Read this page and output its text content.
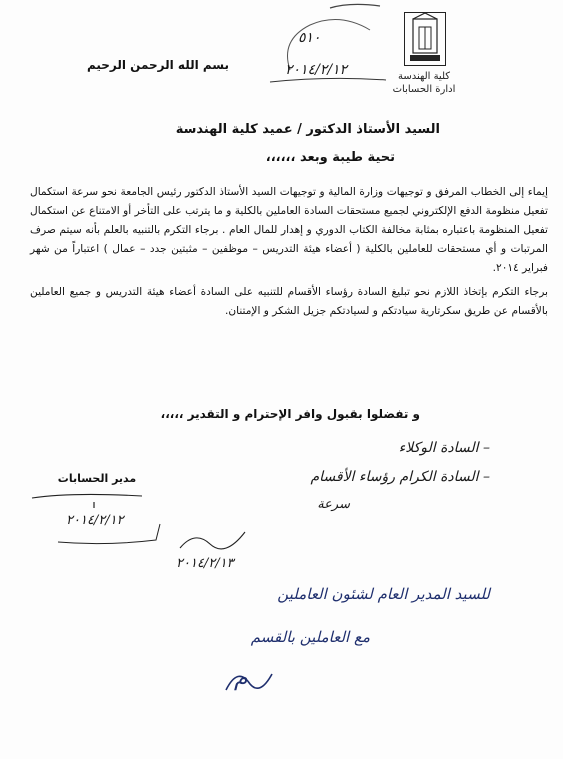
كلية الهندسة
ادارة الحسابات
بسم الله الرحمن الرحيم
٥١٠
٢٠١٤/٢/١٢
السيد الأستاذ الدكتور / عميد كلية الهندسة
تحية طيبة وبعد ،،،،،،

إيماء إلى الخطاب المرفق و توجيهات وزارة المالية و توجيهات السيد الأستاذ الدكتور رئيس الجامعة نحو سرعة استكمال تفعيل منظومة الدفع الإلكتروني لجميع مستحقات السادة العاملين بالكلية و ما يترتب على التأخر أو الامتناع عن استكمال تفعيل المنظومة باعتباره بمثابة مخالفة الكتاب الدوري و إهدار للمال العام . برجاء التكرم بالتنبيه بالعلم بأنه سيتم صرف المرتبات و أي مستحقات للعاملين بالكلية ( أعضاء هيئة التدريس – موظفين – مثبتين جدد – عمال ) اعتباراً من شهر فبراير ٢٠١٤.

برجاء التكرم بإتخاذ اللازم نحو تبليغ السادة رؤساء الأقسام للتنبيه على السادة أعضاء هيئة التدريس و جميع العاملين بالأقسام عن طريق سكرتارية سيادتكم و لسيادتكم جزيل الشكر و الإمتنان.

و تفضلوا بقبول وافر الإحترام و التقدير ،،،،،
مدير الحسابات
٢٠١٤/٢/١٢
– السادة الوكلاء
– السادة الكرام رؤساء الأقسام
سرعة
٢٠١٤/٢/١٣
للسيد المدير العام لشئون العاملين
مع العاملين بالقسم
م
